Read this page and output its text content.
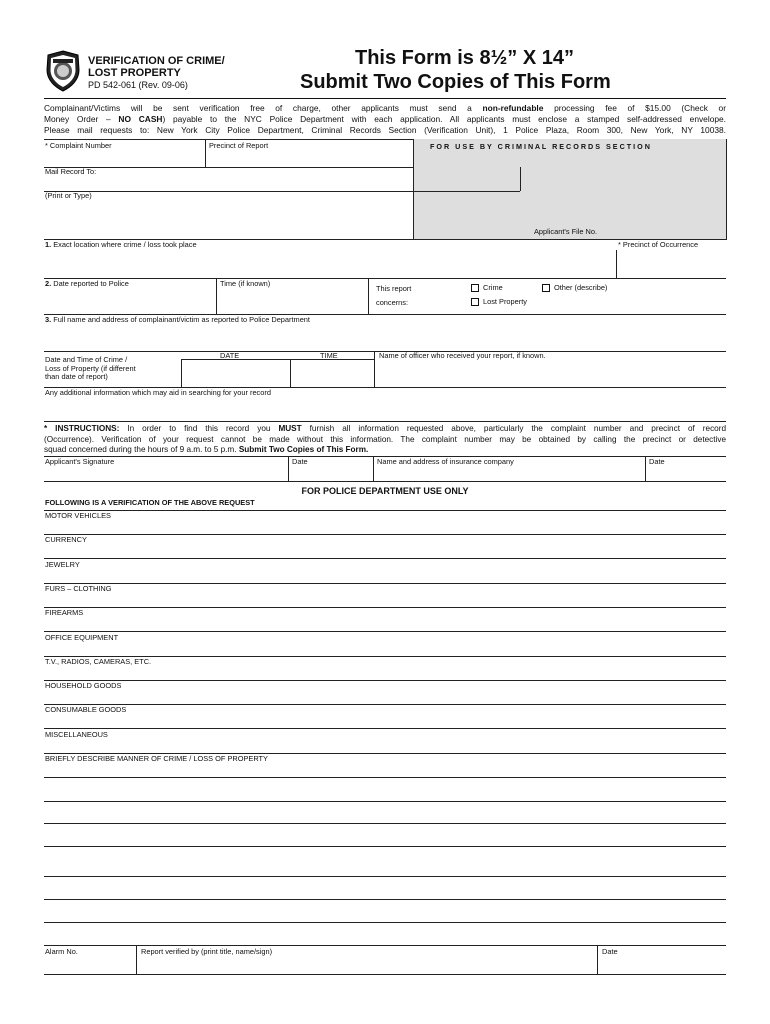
VERIFICATION OF CRIME/
LOST PROPERTY
PD 542-061 (Rev. 09-06)
This Form is 8½” X 14”
Submit Two Copies of This Form
Complainant/Victims will be sent verification free of charge, other applicants must send a non-refundable processing fee of $15.00 (Check or
Money Order – NO CASH) payable to the NYC Police Department with each application. All applicants must enclose a stamped self-addressed envelope.
Please mail requests to: New York City Police Department, Criminal Records Section (Verification Unit), 1 Police Plaza, Room 300, New York, NY 10038.
F O R   U S E   B Y   C R I M I N A L   R E C O R D S   S E C T I O N
* Complaint Number	Precinct of Report
Mail Record To:
(Print or Type)
Applicant's File No.
1. Exact location where crime / loss took place	* Precinct of Occurrence
2. Date reported to Police	Time (if known)
This report
concerns:
Crime
Lost Property
Other (describe)
3. Full name and address of complainant/victim as reported to Police Department
Date and Time of Crime /
Loss of Property (if different
than date of report)
DATE	TIME	Name of officer who received your report, if known.
Any additional information which may aid in searching for your record
* INSTRUCTIONS: In order to find this record you MUST furnish all information requested above, particularly the complaint number and precinct of record
(Occurrence). Verification of your request cannot be made without this information. The complaint number may be obtained by calling the precinct or detective
squad concerned during the hours of 9 a.m. to 5 p.m. Submit Two Copies of This Form.
Applicant's Signature	Date	Name and address of insurance company	Date
FOR POLICE DEPARTMENT USE ONLY
FOLLOWING IS A VERIFICATION OF THE ABOVE REQUEST
MOTOR VEHICLES
CURRENCY
JEWELRY
FURS – CLOTHING
FIREARMS
OFFICE EQUIPMENT
T.V., RADIOS, CAMERAS, ETC.
HOUSEHOLD GOODS
CONSUMABLE GOODS
MISCELLANEOUS
BRIEFLY DESCRIBE MANNER OF CRIME / LOSS OF PROPERTY
Alarm No.	Report verified by (print title, name/sign)	Date
